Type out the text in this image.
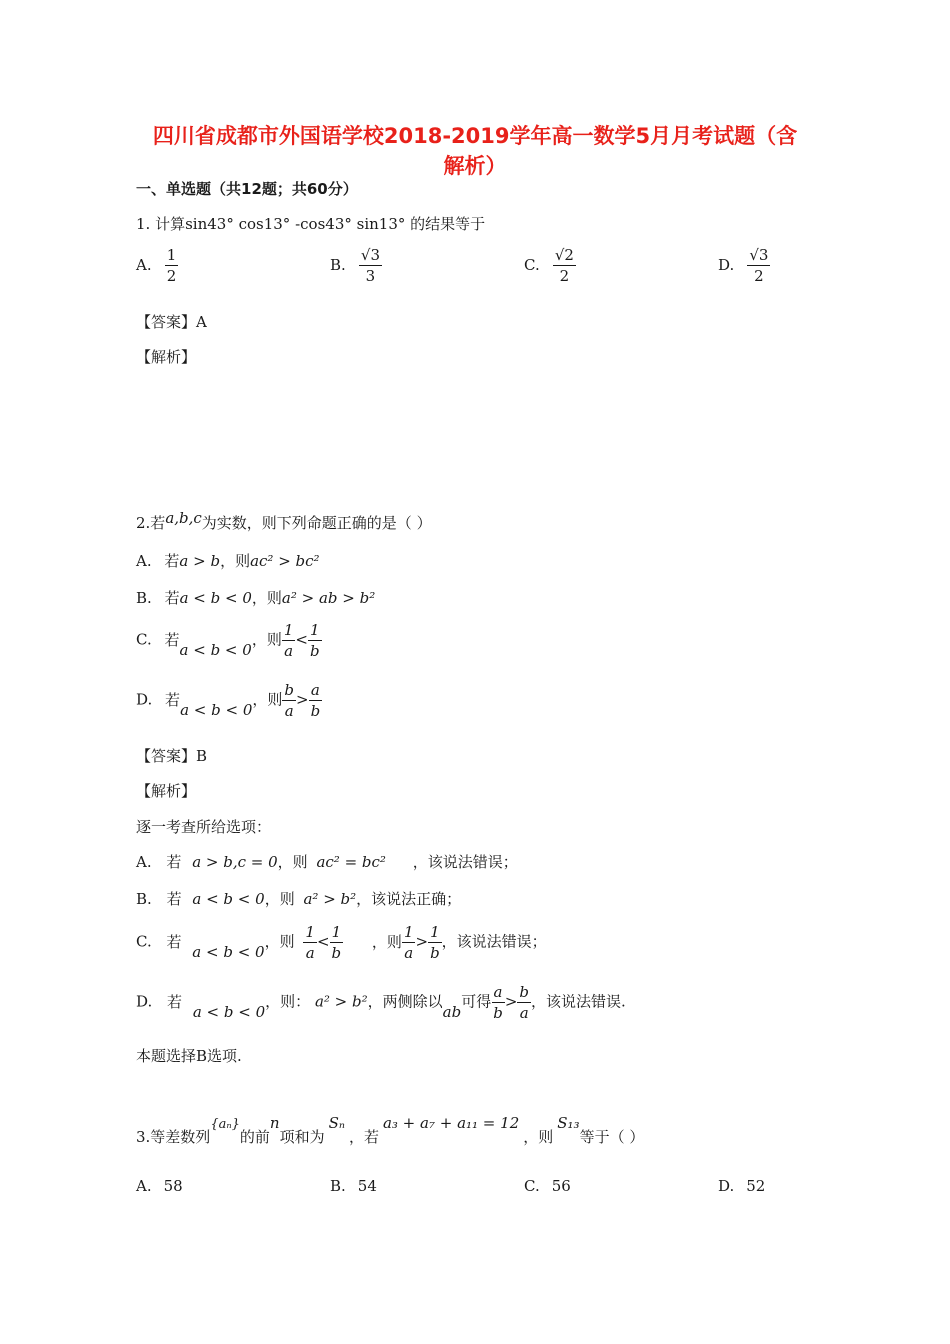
四川省成都市外国语学校2018-2019学年高一数学5月月考试题（含
解析）
一、单选题（共12题；共60分）
1. 计算sin43° cos13° -cos43° sin13° 的结果等于
A. $\frac{1}{2}$	B. $\frac{√3}{3}$	C. $\frac{√2}{2}$	D. $\frac{√3}{2}$
【答案】A
【解析】
2.若a,b,c为实数，则下列命题正确的是（ ）
A. 若a > b，则ac² > bc²
B. 若a < b < 0，则a² > ab > b²
C. 若a < b < 0，则 $\frac{1}{a} < \frac{1}{b}$
D. 若a < b < 0，则 $\frac{b}{a} > \frac{a}{b}$
【答案】B
【解析】
逐一考查所给选项：
A. 若 a > b,c = 0，则 ac² = bc² ，该说法错误；
B. 若 a < b < 0，则 a² > b²，该说法正确；
C. 若 a < b < 0，则 $\frac{1}{a} < \frac{1}{b}$ ，则 $\frac{1}{a} > \frac{1}{b}$ ，该说法错误；
D. 若 a < b < 0，则： a² > b²，两侧除以ab可得 $\frac{a}{b} > \frac{b}{a}$ ，该说法错误.
本题选择B选项.
3.等差数列{aₙ}的前n项和为Sₙ，若a₃ + a₇ + a₁₁ = 12，则S₁₃等于（ ）
A. 58	B. 54	C. 56	D. 52
